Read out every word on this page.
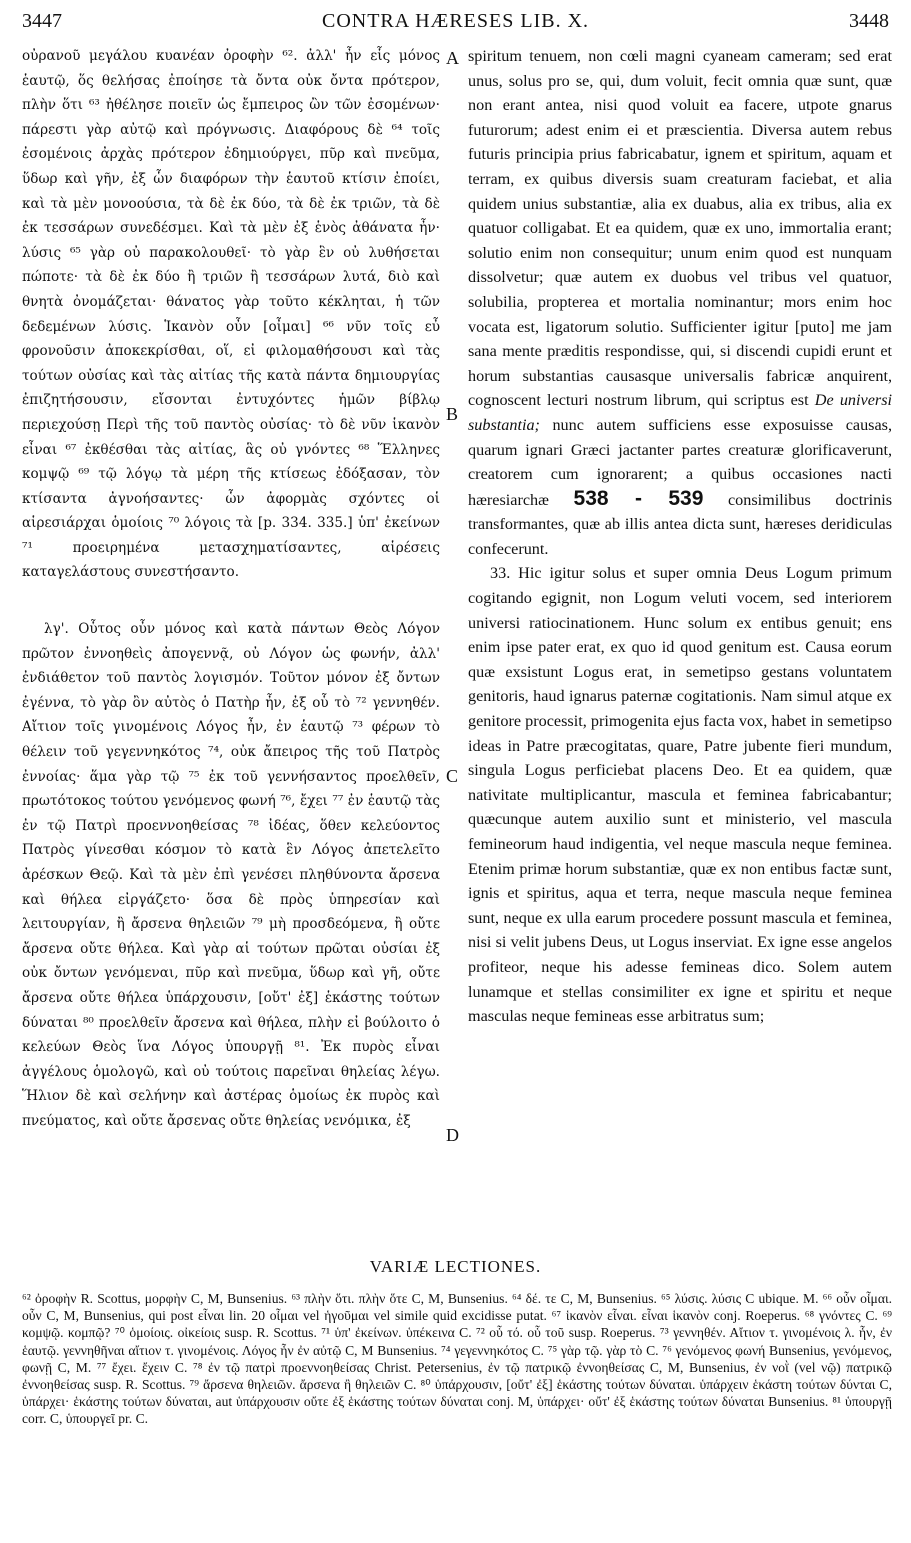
3447	CONTRA HÆRESES LIB. X.	3448

οὐρανοῦ μεγάλου κυανέαν ὀροφὴν ⁶². ἀλλ' ἦν εἷς μόνος ἑαυτῷ, ὅς θελήσας ἐποίησε τὰ ὄντα οὐκ ὄντα πρότερον, πλὴν ὅτι ⁶³ ἠθέλησε ποιεῖν ὡς ἔμπειρος ὢν τῶν ἐσομένων· πάρεστι γὰρ αὐτῷ καὶ πρόγνωσις. Διαφόρους δὲ ⁶⁴ τοῖς ἐσομένοις ἀρχὰς πρότερον ἐδημιούργει, πῦρ καὶ πνεῦμα, ὕδωρ καὶ γῆν, ἐξ ὧν διαφόρων τὴν ἑαυτοῦ κτίσιν ἐποίει, καὶ τὰ μὲν μονοούσια, τὰ δὲ ἐκ δύο, τὰ δὲ ἐκ τριῶν, τὰ δὲ ἐκ τεσσάρων συνεδέσμει. Καὶ τὰ μὲν ἐξ ἑνὸς ἀθάνατα ἦν· λύσις ⁶⁵ γὰρ οὐ παρακολουθεῖ· τὸ γὰρ ἓν οὐ λυθήσεται πώποτε· τὰ δὲ ἐκ δύο ἢ τριῶν ἢ τεσσάρων λυτά, διὸ καὶ θνητὰ ὀνομάζεται· θάνατος γὰρ τοῦτο κέκληται, ἡ τῶν δεδεμένων λύσις. Ἱκανὸν οὖν [οἶμαι] ⁶⁶ νῦν τοῖς εὖ φρονοῦσιν ἀποκεκρίσθαι, οἵ, εἰ φιλομαθήσουσι καὶ τὰς τούτων οὐσίας καὶ τὰς αἰτίας τῆς κατὰ πάντα δημιουργίας ἐπιζητήσουσιν, εἴσονται ἐντυχόντες ἡμῶν βίβλῳ περιεχούσῃ Περὶ τῆς τοῦ παντὸς οὐσίας· τὸ δὲ νῦν ἱκανὸν εἶναι ⁶⁷ ἐκθέσθαι τὰς αἰτίας, ἃς οὐ γνόντες ⁶⁸ Ἕλληνες κομψῷ ⁶⁹ τῷ λόγῳ τὰ μέρη τῆς κτίσεως ἐδόξασαν, τὸν κτίσαντα ἀγνοήσαντες· ὧν ἀφορμὰς σχόντες οἱ αἱρεσιάρχαι ὁμοίοις ⁷⁰ λόγοις τὰ [p. 334. 335.] ὑπ' ἐκείνων ⁷¹ προειρημένα μετασχηματίσαντες, αἱρέσεις καταγελάστους συνεστήσαντο.

λγ'. Οὗτος οὖν μόνος καὶ κατὰ πάντων Θεὸς Λόγον πρῶτον ἐννοηθεὶς ἀπογεννᾷ, οὐ Λόγον ὡς φωνήν, ἀλλ' ἐνδιάθετον τοῦ παντὸς λογισμόν. Τοῦτον μόνον ἐξ ὄντων ἐγέννα, τὸ γὰρ ὂν αὐτὸς ὁ Πατὴρ ἦν, ἐξ οὗ τὸ ⁷² γεννηθέν. Αἴτιον τοῖς γινομένοις Λόγος ἦν, ἐν ἑαυτῷ ⁷³ φέρων τὸ θέλειν τοῦ γεγεννηκότος ⁷⁴, οὐκ ἄπειρος τῆς τοῦ Πατρὸς ἐννοίας· ἅμα γὰρ τῷ ⁷⁵ ἐκ τοῦ γεννήσαντος προελθεῖν, πρωτότοκος τούτου γενόμενος φωνή ⁷⁶, ἔχει ⁷⁷ ἐν ἑαυτῷ τὰς ἐν τῷ Πατρὶ προεννοηθείσας ⁷⁸ ἰδέας, ὅθεν κελεύοντος Πατρὸς γίνεσθαι κόσμον τὸ κατὰ ἓν Λόγος ἀπετελεῖτο ἀρέσκων Θεῷ. Καὶ τὰ μὲν ἐπὶ γενέσει πληθύνοντα ἄρσενα καὶ θήλεα εἰργάζετο· ὅσα δὲ πρὸς ὑπηρεσίαν καὶ λειτουργίαν, ἢ ἄρσενα θηλειῶν ⁷⁹ μὴ προσδεόμενα, ἢ οὔτε ἄρσενα οὔτε θήλεα. Καὶ γὰρ αἱ τούτων πρῶται οὐσίαι ἐξ οὐκ ὄντων γενόμεναι, πῦρ καὶ πνεῦμα, ὕδωρ καὶ γῆ, οὔτε ἄρσενα οὔτε θήλεα ὑπάρχουσιν, [οὔτ' ἐξ] ἑκάστης τούτων δύναται ⁸⁰ προελθεῖν ἄρσενα καὶ θήλεα, πλὴν εἰ βούλοιτο ὁ κελεύων Θεὸς ἵνα Λόγος ὑπουργῇ ⁸¹. Ἐκ πυρὸς εἶναι ἀγγέλους ὁμολογῶ, καὶ οὐ τούτοις παρεῖναι θηλείας λέγω. Ἥλιον δὲ καὶ σελήνην καὶ ἀστέρας ὁμοίως ἐκ πυρὸς καὶ πνεύματος, καὶ οὔτε ἄρσενας οὔτε θηλείας νενόμικα, ἐξ

A
B
C
D

spiritum tenuem, non cœli magni cyaneam cameram; sed erat unus, solus pro se, qui, dum voluit, fecit omnia quæ sunt, quæ non erant antea, nisi quod voluit ea facere, utpote gnarus futurorum; adest enim ei et præscientia. Diversa autem rebus futuris principia prius fabricabatur, ignem et spiritum, aquam et terram, ex quibus diversis suam creaturam faciebat, et alia quidem unius substantiæ, alia ex duabus, alia ex tribus, alia ex quatuor colligabat. Et ea quidem, quæ ex uno, immortalia erant; solutio enim non consequitur; unum enim quod est nunquam dissolvetur; quæ autem ex duobus vel tribus vel quatuor, solubilia, propterea et mortalia nominantur; mors enim hoc vocata est, ligatorum solutio. Sufficienter igitur [puto] me jam sana mente præditis respondisse, qui, si discendi cupidi erunt et horum substantias causasque universalis fabricæ anquirent, cognoscent lecturi nostrum librum, qui scriptus est De universi substantia; nunc autem sufficiens esse exposuisse causas, quarum ignari Græci jactanter partes creaturæ glorificaverunt, creatorem cum ignorarent; a quibus occasiones nacti hæresiarchæ 538 - 539 consimilibus doctrinis transformantes, quæ ab illis antea dicta sunt, hæreses deridiculas confecerunt.

33. Hic igitur solus et super omnia Deus Logum primum cogitando egignit, non Logum veluti vocem, sed interiorem universi ratiocinationem. Hunc solum ex entibus genuit; ens enim ipse pater erat, ex quo id quod genitum est. Causa eorum quæ exsistunt Logus erat, in semetipso gestans voluntatem genitoris, haud ignarus paternæ cogitationis. Nam simul atque ex genitore processit, primogenita ejus facta vox, habet in semetipso ideas in Patre præcogitatas, quare, Patre jubente fieri mundum, singula Logus perficiebat placens Deo. Et ea quidem, quæ nativitate multiplicantur, mascula et feminea fabricabantur; quæcunque autem auxilio sunt et ministerio, vel mascula femineorum haud indigentia, vel neque mascula neque feminea. Etenim primæ horum substantiæ, quæ ex non entibus factæ sunt, ignis et spiritus, aqua et terra, neque mascula neque feminea sunt, neque ex ulla earum procedere possunt mascula et feminea, nisi si velit jubens Deus, ut Logus inserviat. Ex igne esse angelos profiteor, neque his adesse femineas dico. Solem autem lunamque et stellas consimiliter ex igne et spiritu et neque masculas neque femineas esse arbitratus sum;

VARIÆ LECTIONES.
⁶² ὀροφὴν R. Scottus, μορφὴν C, M, Bunsenius. ⁶³ πλὴν ὅτι. πλὴν ὅτε C, M, Bunsenius. ⁶⁴ δέ. τε C, M, Bunsenius. ⁶⁵ λύσις. λύσις C ubique. M. ⁶⁶ οὖν οἶμαι. οὖν C, M, Bunsenius, qui post εἶναι lin. 20 οἶμαι vel ἡγοῦμαι vel simile quid excidisse putat. ⁶⁷ ἱκανὸν εἶναι. εἶναι ἱκανὸν conj. Roeperus. ⁶⁸ γνόντες C. ⁶⁹ κομψῷ. κομπῷ? ⁷⁰ ὁμοίοις. οἰκείοις susp. R. Scottus. ⁷¹ ὑπ' ἐκείνων. ὑπέκεινα C. ⁷² οὗ τό. οὗ τοῦ susp. Roeperus. ⁷³ γεννηθέν. Αἴτιον τ. γινομένοις λ. ἦν, ἐν ἑαυτῷ. γεννηθῆναι αἴτιον τ. γινομένοις. Λόγος ἦν ἐν αὐτῷ C, M Bunsenius. ⁷⁴ γεγεννηκότος C. ⁷⁵ γὰρ τῷ. γὰρ τὸ C. ⁷⁶ γενόμενος φωνή Bunsenius, γενόμενος, φωνῇ C, M. ⁷⁷ ἔχει. ἔχειν C. ⁷⁸ ἐν τῷ πατρὶ προεννοηθείσας Christ. Petersenius, ἐν τῷ πατρικῷ ἐννοηθείσας C, M, Bunsenius, ἐν νοῒ (vel νῷ) πατρικῷ ἐννοηθείσας susp. R. Scottus. ⁷⁹ ἄρσενα θηλειῶν. ἄρσενα ἢ θηλειῶν C. ⁸⁰ ὑπάρχουσιν, [οὔτ' ἐξ] ἑκάστης τούτων δύναται. ὑπάρχειν ἑκάστη τούτων δύνται C, ὑπάρχει· ἑκάστης τούτων δύναται, aut ὑπάρχουσιν οὔτε ἐξ ἑκάστης τούτων δύναται conj. M, ὑπάρχει· οὔτ' ἐξ ἑκάστης τούτων δύναται Bunsenius. ⁸¹ ὑπουργῇ corr. C, ὑπουργεῖ pr. C.
